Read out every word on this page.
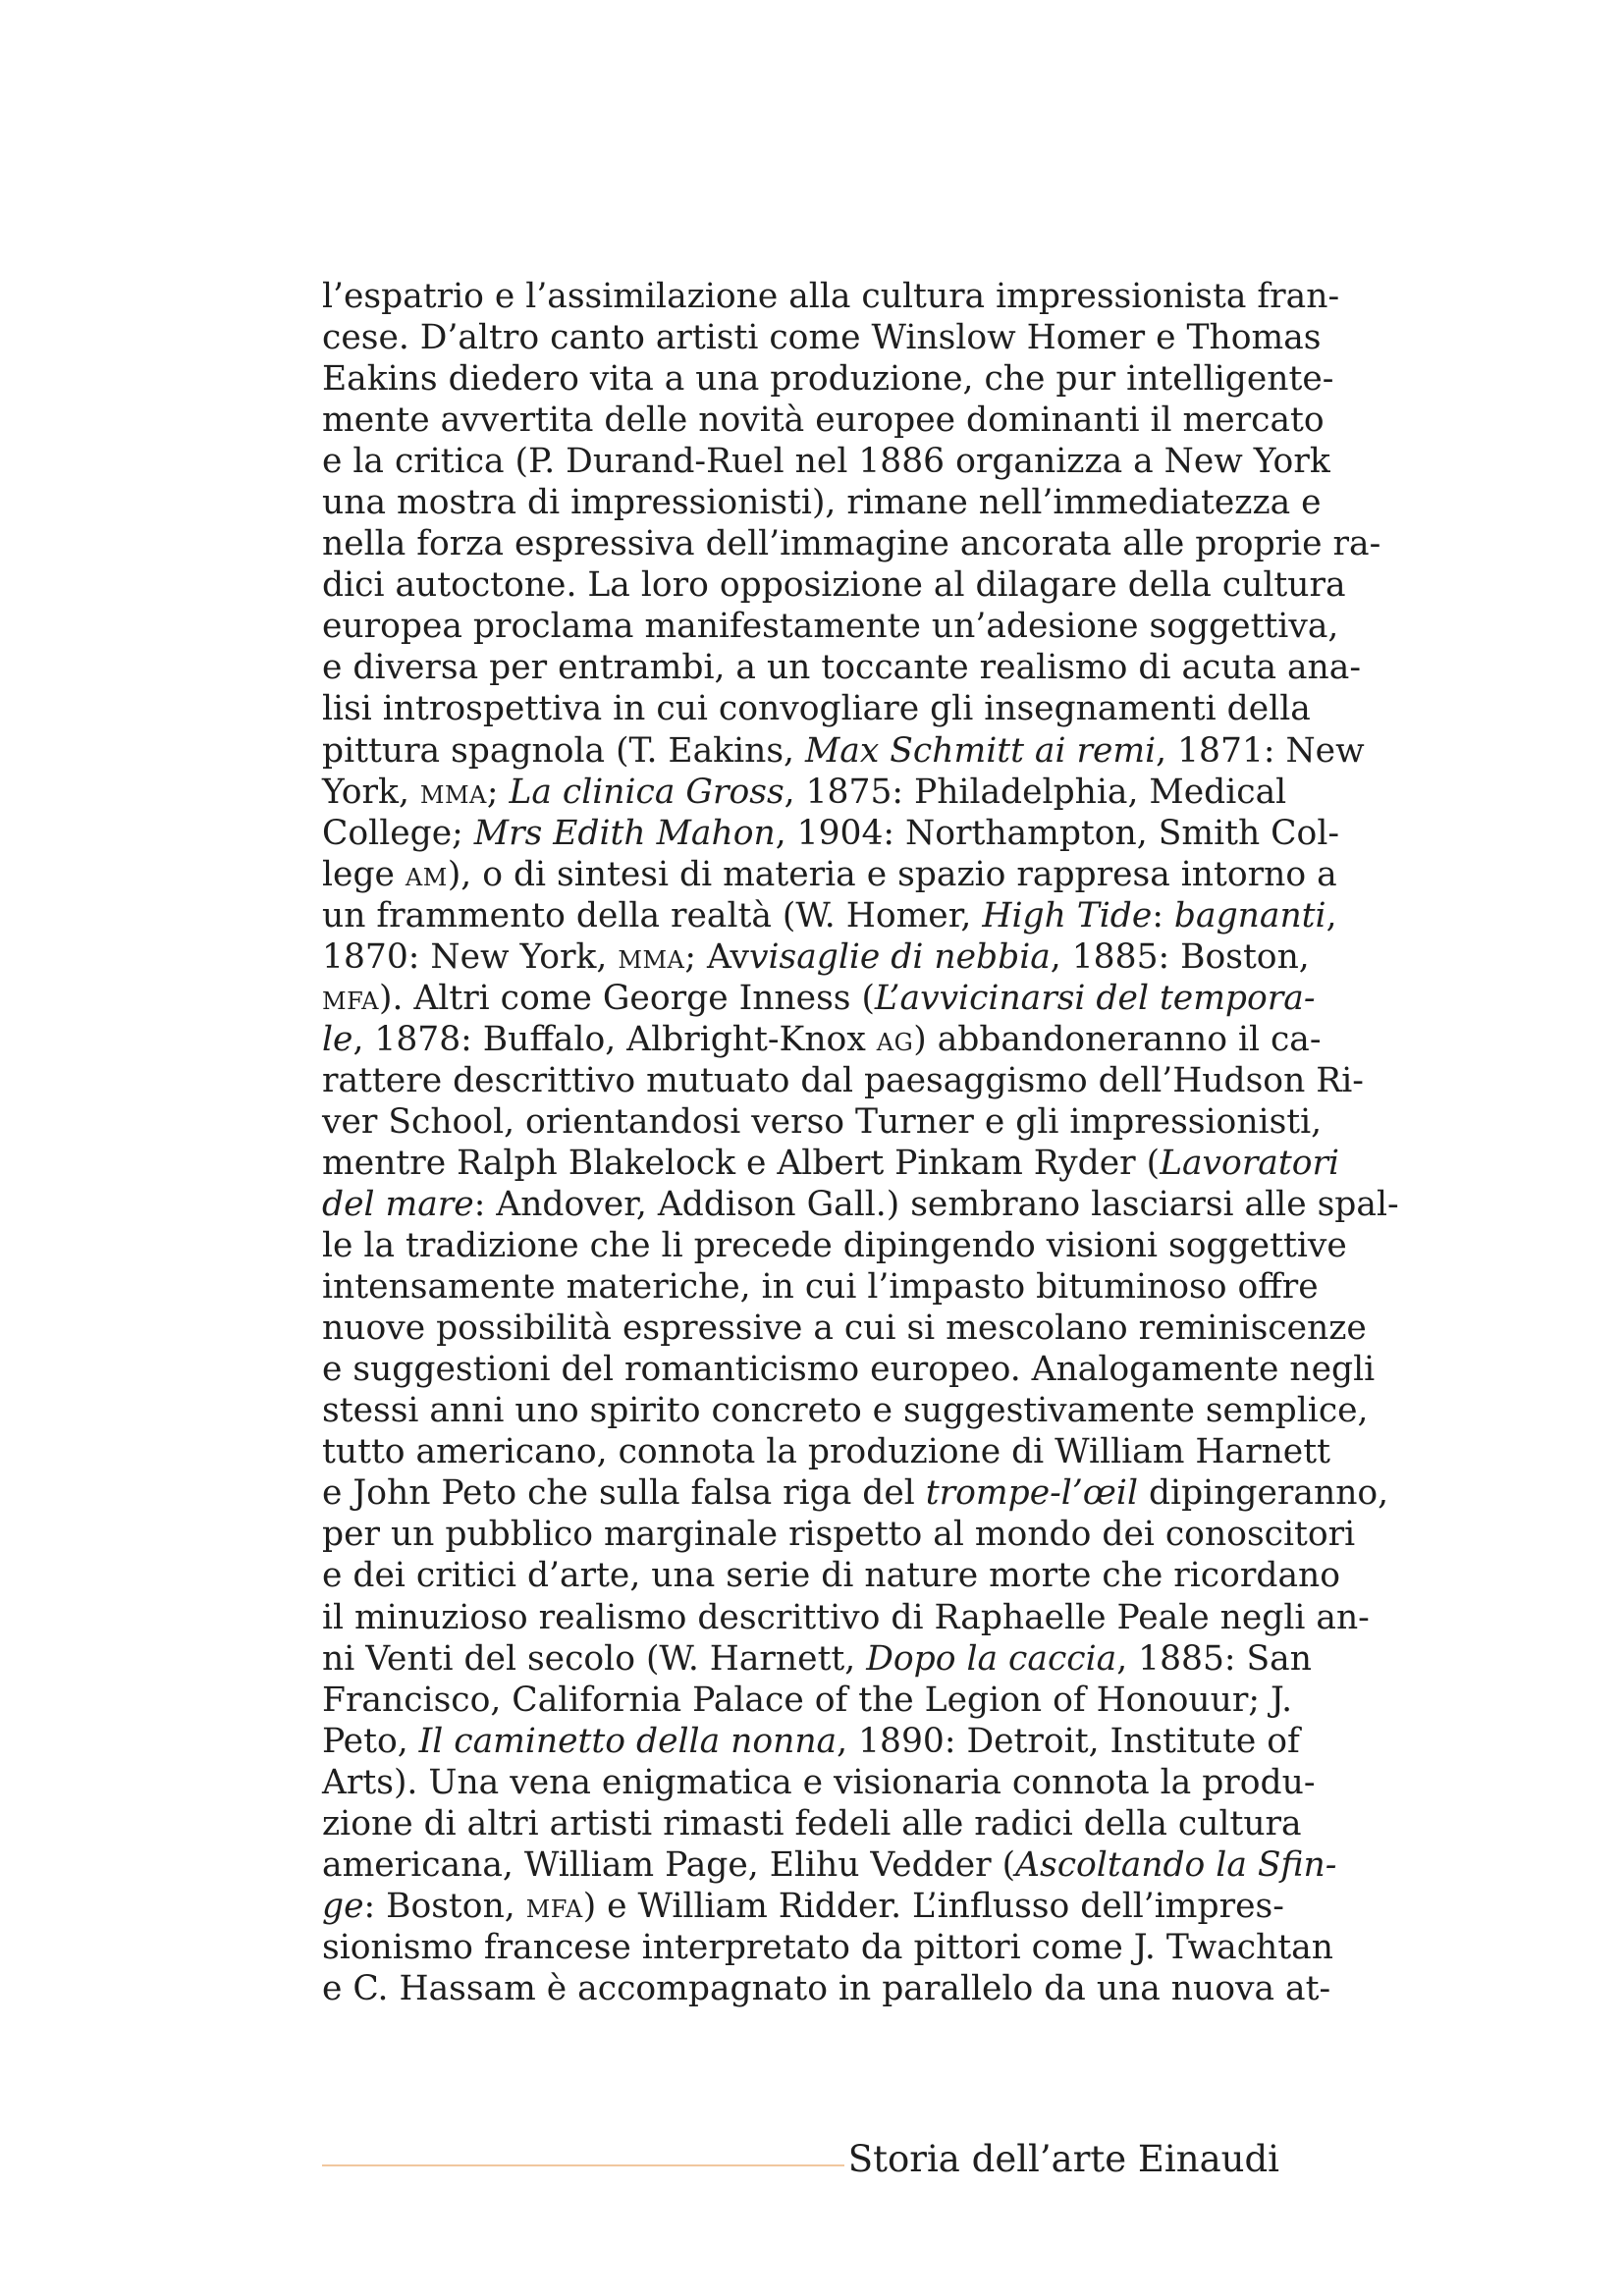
l’espatrio e l’assimilazione alla cultura impressionista fran-
cese. D’altro canto artisti come Winslow Homer e Thomas
Eakins diedero vita a una produzione, che pur intelligente-
mente avvertita delle novità europee dominanti il mercato
e la critica (P. Durand-Ruel nel 1886 organizza a New York
una mostra di impressionisti), rimane nell’immediatezza e
nella forza espressiva dell’immagine ancorata alle proprie ra-
dici autoctone. La loro opposizione al dilagare della cultura
europea proclama manifestamente un’adesione soggettiva,
e diversa per entrambi, a un toccante realismo di acuta ana-
lisi introspettiva in cui convogliare gli insegnamenti della
pittura spagnola (T. Eakins, Max Schmitt ai remi, 1871: New
York, mma; La clinica Gross, 1875: Philadelphia, Medical
College; Mrs Edith Mahon, 1904: Northampton, Smith Col-
lege am), o di sintesi di materia e spazio rappresa intorno a
un frammento della realtà (W. Homer, High Tide: bagnanti,
1870: New York, mma; Avvisaglie di nebbia, 1885: Boston,
mfa). Altri come George Inness (L’avvicinarsi del tempora-
le, 1878: Buffalo, Albright-Knox ag) abbandoneranno il ca-
rattere descrittivo mutuato dal paesaggismo dell’Hudson Ri-
ver School, orientandosi verso Turner e gli impressionisti,
mentre Ralph Blakelock e Albert Pinkam Ryder (Lavoratori
del mare: Andover, Addison Gall.) sembrano lasciarsi alle spal-
le la tradizione che li precede dipingendo visioni soggettive
intensamente materiche, in cui l’impasto bituminoso offre
nuove possibilità espressive a cui si mescolano reminiscenze
e suggestioni del romanticismo europeo. Analogamente negli
stessi anni uno spirito concreto e suggestivamente semplice,
tutto americano, connota la produzione di William Harnett
e John Peto che sulla falsa riga del trompe-l’œil dipingeranno,
per un pubblico marginale rispetto al mondo dei conoscitori
e dei critici d’arte, una serie di nature morte che ricordano
il minuzioso realismo descrittivo di Raphaelle Peale negli an-
ni Venti del secolo (W. Harnett, Dopo la caccia, 1885: San
Francisco, California Palace of the Legion of Honouur; J.
Peto, Il caminetto della nonna, 1890: Detroit, Institute of
Arts). Una vena enigmatica e visionaria connota la produ-
zione di altri artisti rimasti fedeli alle radici della cultura
americana, William Page, Elihu Vedder (Ascoltando la Sfin-
ge: Boston, mfa) e William Ridder. L’influsso dell’impres-
sionismo francese interpretato da pittori come J. Twachtan
e C. Hassam è accompagnato in parallelo da una nuova at-
Storia dell’arte Einaudi
